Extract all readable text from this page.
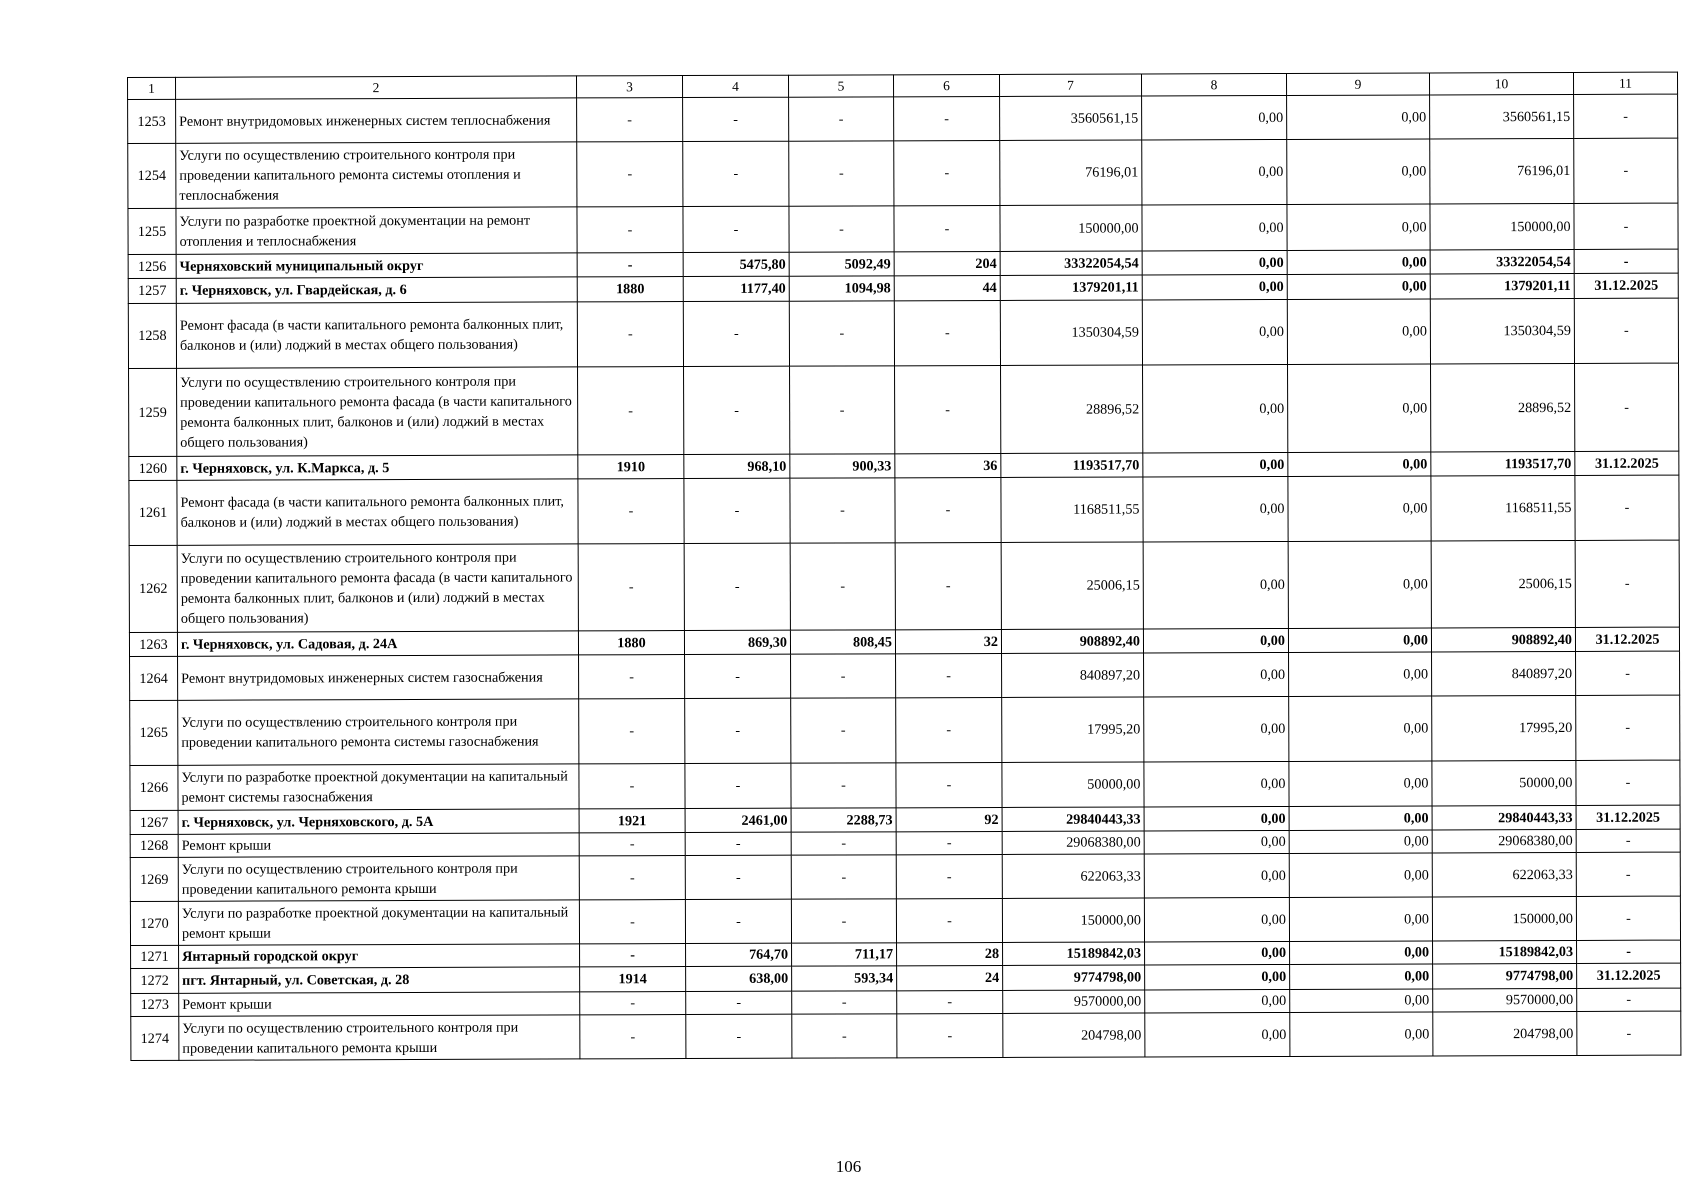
1	2	3	4	5	6	7	8	9	10	11
1253	Ремонт внутридомовых инженерных систем теплоснабжения	-	-	-	-	3560561,15	0,00	0,00	3560561,15	-
1254	Услуги по осуществлению строительного контроля при проведении капитального ремонта системы отопления и теплоснабжения	-	-	-	-	76196,01	0,00	0,00	76196,01	-
1255	Услуги по разработке проектной документации на ремонт отопления и теплоснабжения	-	-	-	-	150000,00	0,00	0,00	150000,00	-
1256	Черняховский муниципальный округ	-	5475,80	5092,49	204	33322054,54	0,00	0,00	33322054,54	-
1257	г. Черняховск, ул. Гвардейская, д. 6	1880	1177,40	1094,98	44	1379201,11	0,00	0,00	1379201,11	31.12.2025
1258	Ремонт фасада (в части капитального ремонта балконных плит, балконов и (или) лоджий в местах общего пользования)	-	-	-	-	1350304,59	0,00	0,00	1350304,59	-
1259	Услуги по осуществлению строительного контроля при проведении капитального ремонта фасада (в части капитального ремонта балконных плит, балконов и (или) лоджий в местах общего пользования)	-	-	-	-	28896,52	0,00	0,00	28896,52	-
1260	г. Черняховск, ул. К.Маркса, д. 5	1910	968,10	900,33	36	1193517,70	0,00	0,00	1193517,70	31.12.2025
1261	Ремонт фасада (в части капитального ремонта балконных плит, балконов и (или) лоджий в местах общего пользования)	-	-	-	-	1168511,55	0,00	0,00	1168511,55	-
1262	Услуги по осуществлению строительного контроля при проведении капитального ремонта фасада (в части капитального ремонта балконных плит, балконов и (или) лоджий в местах общего пользования)	-	-	-	-	25006,15	0,00	0,00	25006,15	-
1263	г. Черняховск, ул. Садовая, д. 24А	1880	869,30	808,45	32	908892,40	0,00	0,00	908892,40	31.12.2025
1264	Ремонт внутридомовых инженерных систем газоснабжения	-	-	-	-	840897,20	0,00	0,00	840897,20	-
1265	Услуги по осуществлению строительного контроля при проведении капитального ремонта системы газоснабжения	-	-	-	-	17995,20	0,00	0,00	17995,20	-
1266	Услуги по разработке проектной документации на капитальный ремонт системы газоснабжения	-	-	-	-	50000,00	0,00	0,00	50000,00	-
1267	г. Черняховск, ул. Черняховского, д. 5А	1921	2461,00	2288,73	92	29840443,33	0,00	0,00	29840443,33	31.12.2025
1268	Ремонт крыши	-	-	-	-	29068380,00	0,00	0,00	29068380,00	-
1269	Услуги по осуществлению строительного контроля при проведении капитального ремонта крыши	-	-	-	-	622063,33	0,00	0,00	622063,33	-
1270	Услуги по разработке проектной документации на капитальный ремонт крыши	-	-	-	-	150000,00	0,00	0,00	150000,00	-
1271	Янтарный городской округ	-	764,70	711,17	28	15189842,03	0,00	0,00	15189842,03	-
1272	пгт. Янтарный, ул. Советская, д. 28	1914	638,00	593,34	24	9774798,00	0,00	0,00	9774798,00	31.12.2025
1273	Ремонт крыши	-	-	-	-	9570000,00	0,00	0,00	9570000,00	-
1274	Услуги по осуществлению строительного контроля при проведении капитального ремонта крыши	-	-	-	-	204798,00	0,00	0,00	204798,00	-
106
